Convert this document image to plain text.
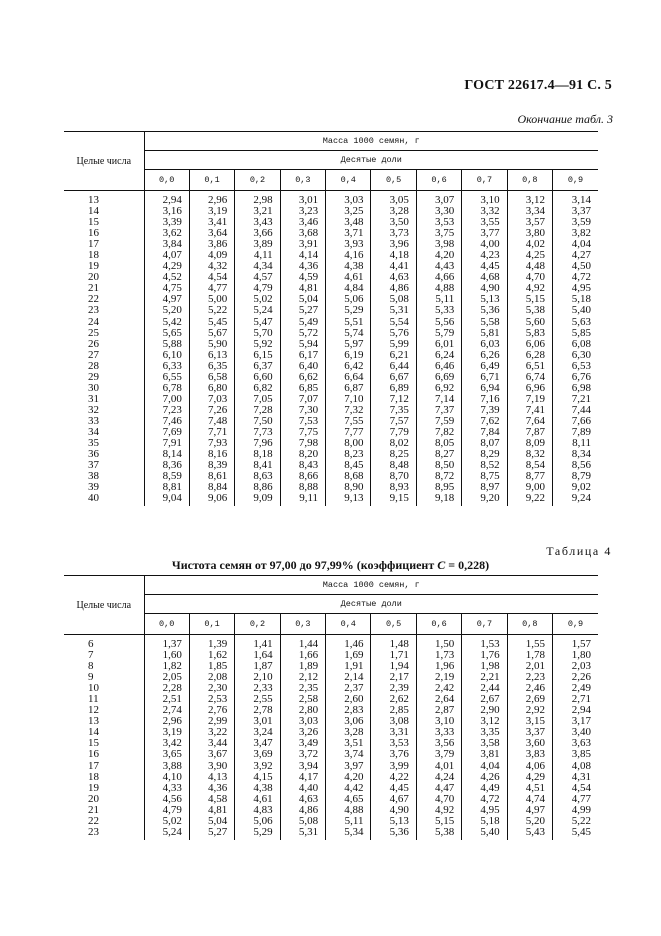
ГОСТ 22617.4—91 С. 5
Окончание табл. 3
Целые числа	Масса 1000 семян, г									
	Десятые доли									
	0,0	0,1	0,2	0,3	0,4	0,5	0,6	0,7	0,8	0,9
13	2,94	2,96	2,98	3,01	3,03	3,05	3,07	3,10	3,12	3,14
14	3,16	3,19	3,21	3,23	3,25	3,28	3,30	3,32	3,34	3,37
15	3,39	3,41	3,43	3,46	3,48	3,50	3,53	3,55	3,57	3,59
16	3,62	3,64	3,66	3,68	3,71	3,73	3,75	3,77	3,80	3,82
17	3,84	3,86	3,89	3,91	3,93	3,96	3,98	4,00	4,02	4,04
18	4,07	4,09	4,11	4,14	4,16	4,18	4,20	4,23	4,25	4,27
19	4,29	4,32	4,34	4,36	4,38	4,41	4,43	4,45	4,48	4,50
20	4,52	4,54	4,57	4,59	4,61	4,63	4,66	4,68	4,70	4,72
21	4,75	4,77	4,79	4,81	4,84	4,86	4,88	4,90	4,92	4,95
22	4,97	5,00	5,02	5,04	5,06	5,08	5,11	5,13	5,15	5,18
23	5,20	5,22	5,24	5,27	5,29	5,31	5,33	5,36	5,38	5,40
24	5,42	5,45	5,47	5,49	5,51	5,54	5,56	5,58	5,60	5,63
25	5,65	5,67	5,70	5,72	5,74	5,76	5,79	5,81	5,83	5,85
26	5,88	5,90	5,92	5,94	5,97	5,99	6,01	6,03	6,06	6,08
27	6,10	6,13	6,15	6,17	6,19	6,21	6,24	6,26	6,28	6,30
28	6,33	6,35	6,37	6,40	6,42	6,44	6,46	6,49	6,51	6,53
29	6,55	6,58	6,60	6,62	6,64	6,67	6,69	6,71	6,74	6,76
30	6,78	6,80	6,82	6,85	6,87	6,89	6,92	6,94	6,96	6,98
31	7,00	7,03	7,05	7,07	7,10	7,12	7,14	7,16	7,19	7,21
32	7,23	7,26	7,28	7,30	7,32	7,35	7,37	7,39	7,41	7,44
33	7,46	7,48	7,50	7,53	7,55	7,57	7,59	7,62	7,64	7,66
34	7,69	7,71	7,73	7,75	7,77	7,79	7,82	7,84	7,87	7,89
35	7,91	7,93	7,96	7,98	8,00	8,02	8,05	8,07	8,09	8,11
36	8,14	8,16	8,18	8,20	8,23	8,25	8,27	8,29	8,32	8,34
37	8,36	8,39	8,41	8,43	8,45	8,48	8,50	8,52	8,54	8,56
38	8,59	8,61	8,63	8,66	8,68	8,70	8,72	8,75	8,77	8,79
39	8,81	8,84	8,86	8,88	8,90	8,93	8,95	8,97	9,00	9,02
40	9,04	9,06	9,09	9,11	9,13	9,15	9,18	9,20	9,22	9,24
Таблица 4
Чистота семян от 97,00 до 97,99% (коэффициент С = 0,228)
Целые числа	Масса 1000 семян, г									
	Десятые доли									
	0,0	0,1	0,2	0,3	0,4	0,5	0,6	0,7	0,8	0,9
6	1,37	1,39	1,41	1,44	1,46	1,48	1,50	1,53	1,55	1,57
7	1,60	1,62	1,64	1,66	1,69	1,71	1,73	1,76	1,78	1,80
8	1,82	1,85	1,87	1,89	1,91	1,94	1,96	1,98	2,01	2,03
9	2,05	2,08	2,10	2,12	2,14	2,17	2,19	2,21	2,23	2,26
10	2,28	2,30	2,33	2,35	2,37	2,39	2,42	2,44	2,46	2,49
11	2,51	2,53	2,55	2,58	2,60	2,62	2,64	2,67	2,69	2,71
12	2,74	2,76	2,78	2,80	2,83	2,85	2,87	2,90	2,92	2,94
13	2,96	2,99	3,01	3,03	3,06	3,08	3,10	3,12	3,15	3,17
14	3,19	3,22	3,24	3,26	3,28	3,31	3,33	3,35	3,37	3,40
15	3,42	3,44	3,47	3,49	3,51	3,53	3,56	3,58	3,60	3,63
16	3,65	3,67	3,69	3,72	3,74	3,76	3,79	3,81	3,83	3,85
17	3,88	3,90	3,92	3,94	3,97	3,99	4,01	4,04	4,06	4,08
18	4,10	4,13	4,15	4,17	4,20	4,22	4,24	4,26	4,29	4,31
19	4,33	4,36	4,38	4,40	4,42	4,45	4,47	4,49	4,51	4,54
20	4,56	4,58	4,61	4,63	4,65	4,67	4,70	4,72	4,74	4,77
21	4,79	4,81	4,83	4,86	4,88	4,90	4,92	4,95	4,97	4,99
22	5,02	5,04	5,06	5,08	5,11	5,13	5,15	5,18	5,20	5,22
23	5,24	5,27	5,29	5,31	5,34	5,36	5,38	5,40	5,43	5,45
